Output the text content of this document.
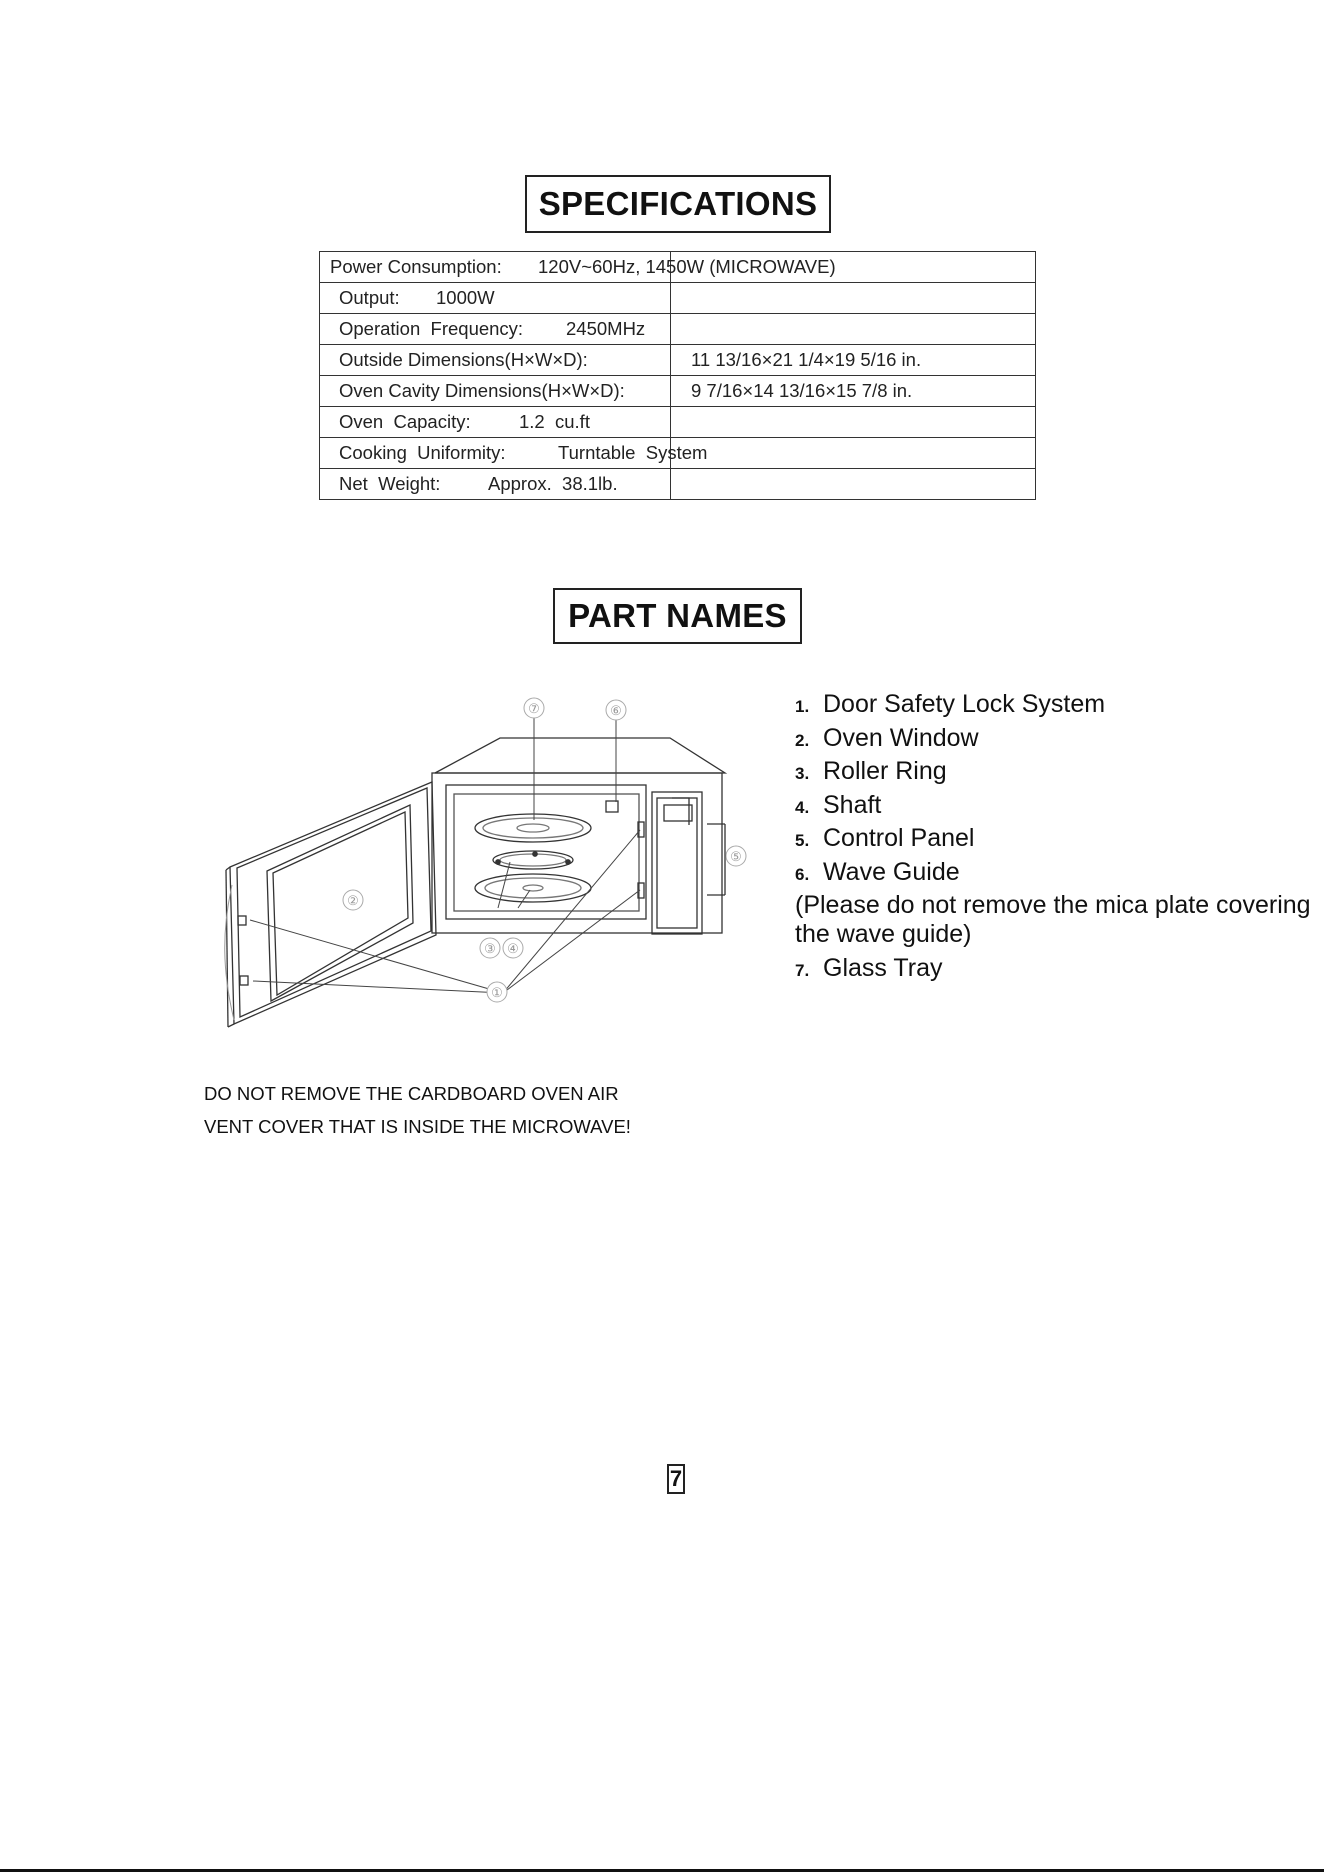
SPECIFICATIONS
Power Consumption: 120V~60Hz, 1450W (MICROWAVE)	

Output: 1000W	

Operation  Frequency: 2450MHz	

Outside Dimensions(H×W×D):	11 13/16×21 1/4×19 5/16 in.

Oven Cavity Dimensions(H×W×D):	9 7/16×14 13/16×15 7/8 in.

Oven  Capacity: 1.2  cu.ft	

Cooking  Uniformity: Turntable  System	

Net  Weight: Approx.  38.1lb.	

PART NAMES
⑦	⑥
⑤
②
③ ④
①
1. Door Safety Lock System
2. Oven Window
3. Roller Ring
4. Shaft
5. Control Panel
6. Wave Guide
(Please do not remove the mica plate covering the wave guide)
7. Glass Tray
DO NOT REMOVE THE CARDBOARD OVEN AIR
VENT COVER THAT IS INSIDE THE MICROWAVE!
7
